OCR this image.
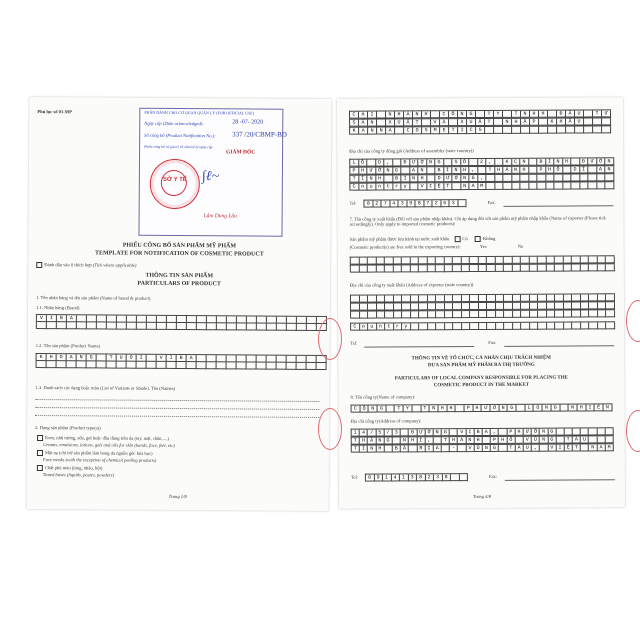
Phụ lục số 01-MP	PHẦN DÀNH CHO CƠ QUAN QUẢN LÝ (FOR OFFICIAL USE)
Ngày cấp (Date acknowledged):	28 -07- 2020
Số công bố (Product Notification No.): 337 /20/CBMP-BD
Phiếu công bố có giá trị 05 năm kể từ ngày cấp
GIÁM ĐỐC
SỞ Y TẾ	∫ℓ~
Lâm Dung Lâu
PHIẾU CÔNG BỐ SẢN PHẨM MỸ PHẨM
TEMPLATE FOR NOTIFICATION OF COSMETIC PRODUCT
Đánh dấu vào ô thích hợp (Tick where applicable)
THÔNG TIN SẢN PHẨM
PARTICULARS OF PRODUCT
1. Tên nhãn hàng và tên sản phẩm (Name of brand & product)
1.1. Nhãn hàng (Brand)
V	I	B	A
1.2. Tên sản phẩm (Product Name)
K	H	O	A	N	G	T	U	O	I	V	I	B	A
1.3. Danh sách các dạng hoặc màu (List of Variants or Shade). Tên (Names)
2. Dạng sản phẩm (Product type(s))
Kem, nhũ tương, sữa, gel hoặc dầu dùng trên da (tay, mặt, chân,....)
Creams, emulsions, lotions, gels and oils for skin (hands, face, feet, etc)
Mặt nạ (chỉ trừ sản phẩm làm bong da nguồn gốc hóa học)
Face masks (with the exception of chemical peeling products)
Chất phủ màu (lỏng, nhão, bột)
Tinted bases (liquids, pastes, powders)
Trang 1/8
Địa chỉ của công ty đóng gói (Address of assembler (state country))
Tel:	0	2	7	4	3	9	8	7	2	6	3	Fax:
7. Tên công ty xuất khẩu (Đối với sản phẩm nhập khẩu). Chỉ áp dụng đối với sản phẩm mỹ phẩm nhập khẩu (Name of exporter (Please tick accordingly). Only apply to imported cosmetic products):
Sản phẩm mỹ phẩm được lưu hành tại nước xuất khẩu	Có	Không
(Cosmetic product(s) are free sold in the exporting country):	Yes	No
Địa chỉ của công ty xuất khẩu (Address of exporter (state country))
Tel:	Fax:
THÔNG TIN VỀ TỔ CHỨC, CÁ NHÂN CHỊU TRÁCH NHIỆM
ĐƯA SẢN PHẨM MỸ PHẨM RA THỊ TRƯỜNG
PARTICULARS OF LOCAL COMPANY RESPONSIBLE FOR PLACING THE
COSMETIC PRODUCT IN THE MARKET
8. Tên công ty(Name of company):
C	Ô	N	G	T	Y	T	N	H	H	P	H	Ư	Ơ	N	G	L	O	N	G	N	H	I	Ê	N
Địa chỉ công ty(Address of company):
Tel:	0	9	1	4	1	3	8	2	3	8	Fax:
Trang 4/8
C	H	I	N	H	Á	N	H	C	Ô	N	G	T	Y	T	N	H	H	Đ	Ầ	U	T	Ư
S	Ả	N	X	U	Ấ	T	V	À	X	U	Ấ	T	N	H	Ậ	P	K	H	Ẩ	U
K	A	N	N	A	C	O	S	M	E	T	I	C	S
L	Ô	D	,	Đ	Ư	Ờ	N	G	S	Ố	2	,	K	C	N	B	Ì	N	H	Đ	Ư	Ờ	N
P	H	Ư	Ờ	N	G	A	N	B	Ì	N	H	,	T	H	À	N	H	P	H	Ố	D	Ĩ	A	N
T	Ỉ	N	H	B	Ì	N	H	D	Ư	Ơ	N	G	,
C	o	u	n	t	r	y	V	I	Ệ	T	N	A	M
C	o	u	n	t	r	y
1	4	/	5	/	3	Đ	Ư	Ờ	N	G	V	I	B	A	,	P	H	Ư	Ờ	N	G
T	H	Ắ	N	G	N	H	Ì	,	T	H	À	N	H	P	H	Ố	V	Ũ	N	G	T	À	U
T	Ỉ	N	H	B	À	R	Ị	A	-	V	Ũ	N	G	T	À	U	,	V	I	Ệ	T	N	A	M
